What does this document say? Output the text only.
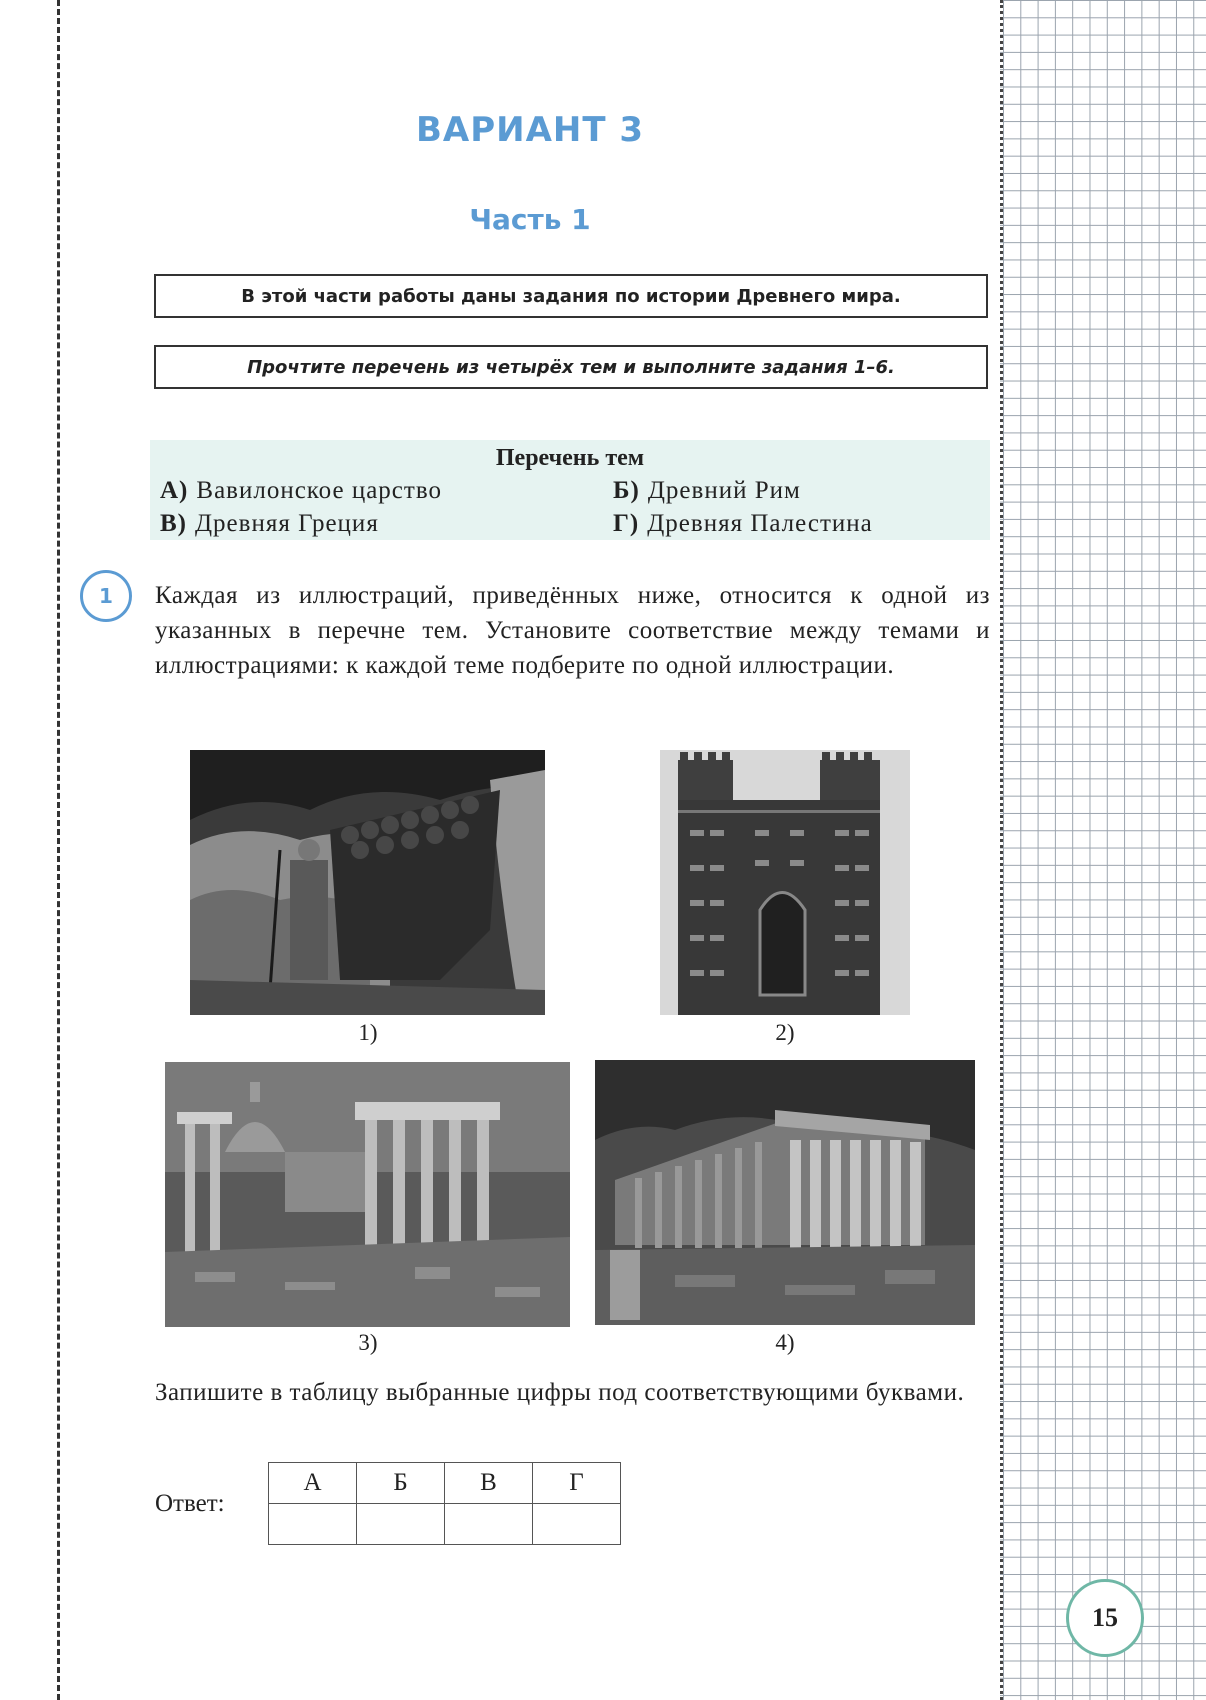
ВАРИАНТ 3
Часть 1
В этой части работы даны задания по истории Древнего мира.
Прочтите перечень из четырёх тем и выполните задания 1–6.
Перечень тем
А) Вавилонское царство	Б) Древний Рим
В) Древняя Греция	Г) Древняя Палестина
1	Каждая из иллюстраций, приведённых ниже, относится к одной из указанных в перечне тем. Установите соответствие между темами и иллюстрациями: к каждой теме подберите по одной иллюстрации.
1)	2)
3)	4)
Запишите в таблицу выбранные цифры под соответствующими буквами.
Ответ:
А	Б	В	Г

15
